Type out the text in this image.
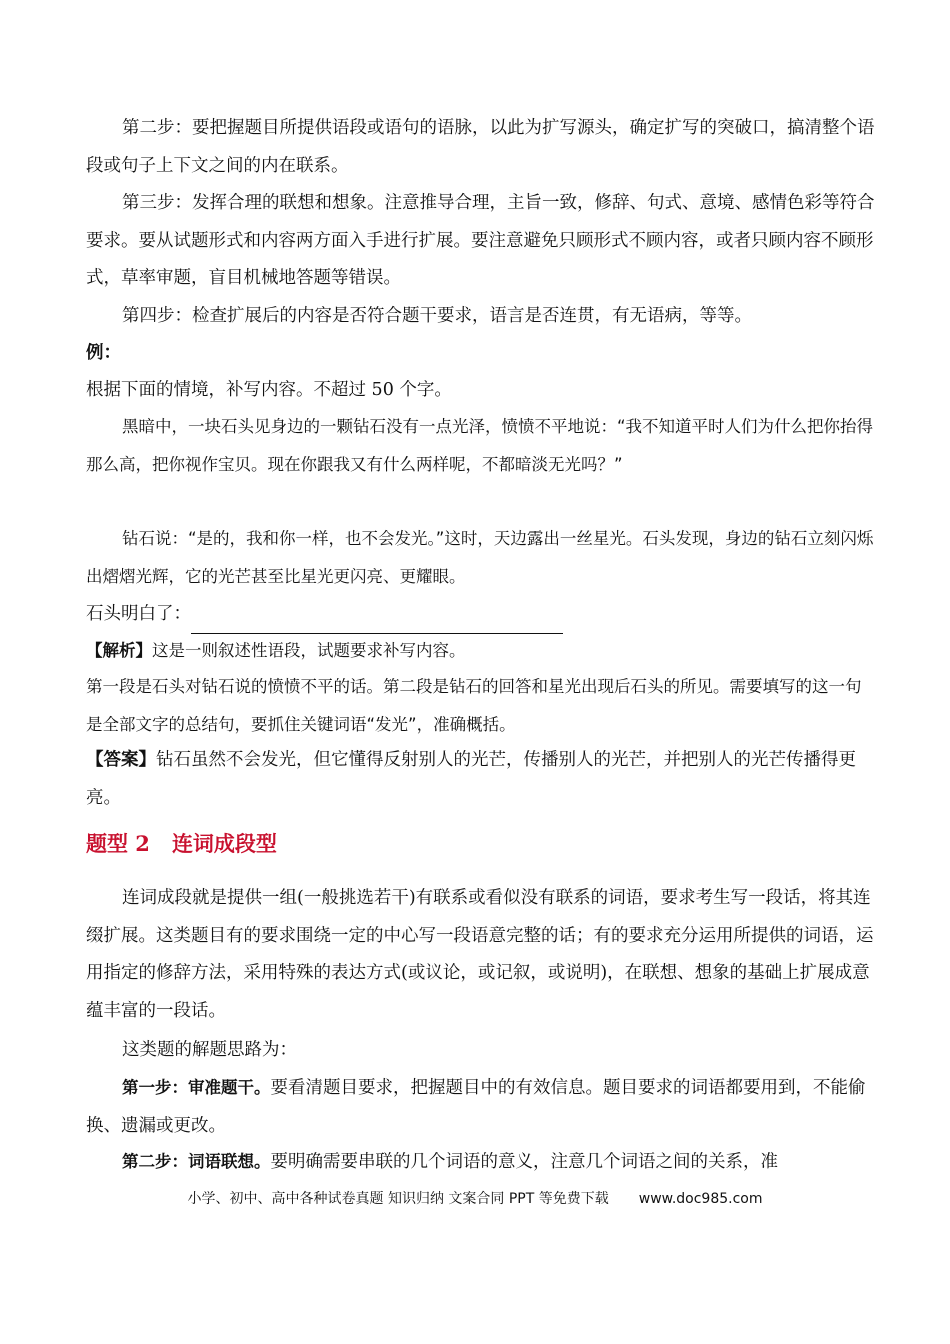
第二步：要把握题目所提供语段或语句的语脉，以此为扩写源头，确定扩写的突破口，搞清整个语段或句子上下文之间的内在联系。

第三步：发挥合理的联想和想象。注意推导合理，主旨一致，修辞、句式、意境、感情色彩等符合要求。要从试题形式和内容两方面入手进行扩展。要注意避免只顾形式不顾内容，或者只顾内容不顾形式，草率审题，盲目机械地答题等错误。

第四步：检查扩展后的内容是否符合题干要求，语言是否连贯，有无语病，等等。

例：

根据下面的情境，补写内容。不超过 50 个字。

黑暗中，一块石头见身边的一颗钻石没有一点光泽，愤愤不平地说：“我不知道平时人们为什么把你抬得那么高，把你视作宝贝。现在你跟我又有什么两样呢，不都暗淡无光吗？”

钻石说：“是的，我和你一样，也不会发光。”这时，天边露出一丝星光。石头发现，身边的钻石立刻闪烁出熠熠光辉，它的光芒甚至比星光更闪亮、更耀眼。

石头明白了：

【解析】这是一则叙述性语段，试题要求补写内容。

第一段是石头对钻石说的愤愤不平的话。第二段是钻石的回答和星光出现后石头的所见。需要填写的这一句是全部文字的总结句，要抓住关键词语“发光”，准确概括。

【答案】钻石虽然不会发光，但它懂得反射别人的光芒，传播别人的光芒，并把别人的光芒传播得更亮。

题型 2 连词成段型

连词成段就是提供一组(一般挑选若干)有联系或看似没有联系的词语，要求考生写一段话，将其连缀扩展。这类题目有的要求围绕一定的中心写一段语意完整的话；有的要求充分运用所提供的词语，运用指定的修辞方法，采用特殊的表达方式(或议论，或记叙，或说明)，在联想、想象的基础上扩展成意蕴丰富的一段话。

这类题的解题思路为：

第一步：审准题干。要看清题目要求，把握题目中的有效信息。题目要求的词语都要用到，不能偷换、遗漏或更改。

第二步：词语联想。要明确需要串联的几个词语的意义，注意几个词语之间的关系，准

小学、初中、高中各种试卷真题 知识归纳 文案合同 PPT 等免费下载 www.doc985.com
